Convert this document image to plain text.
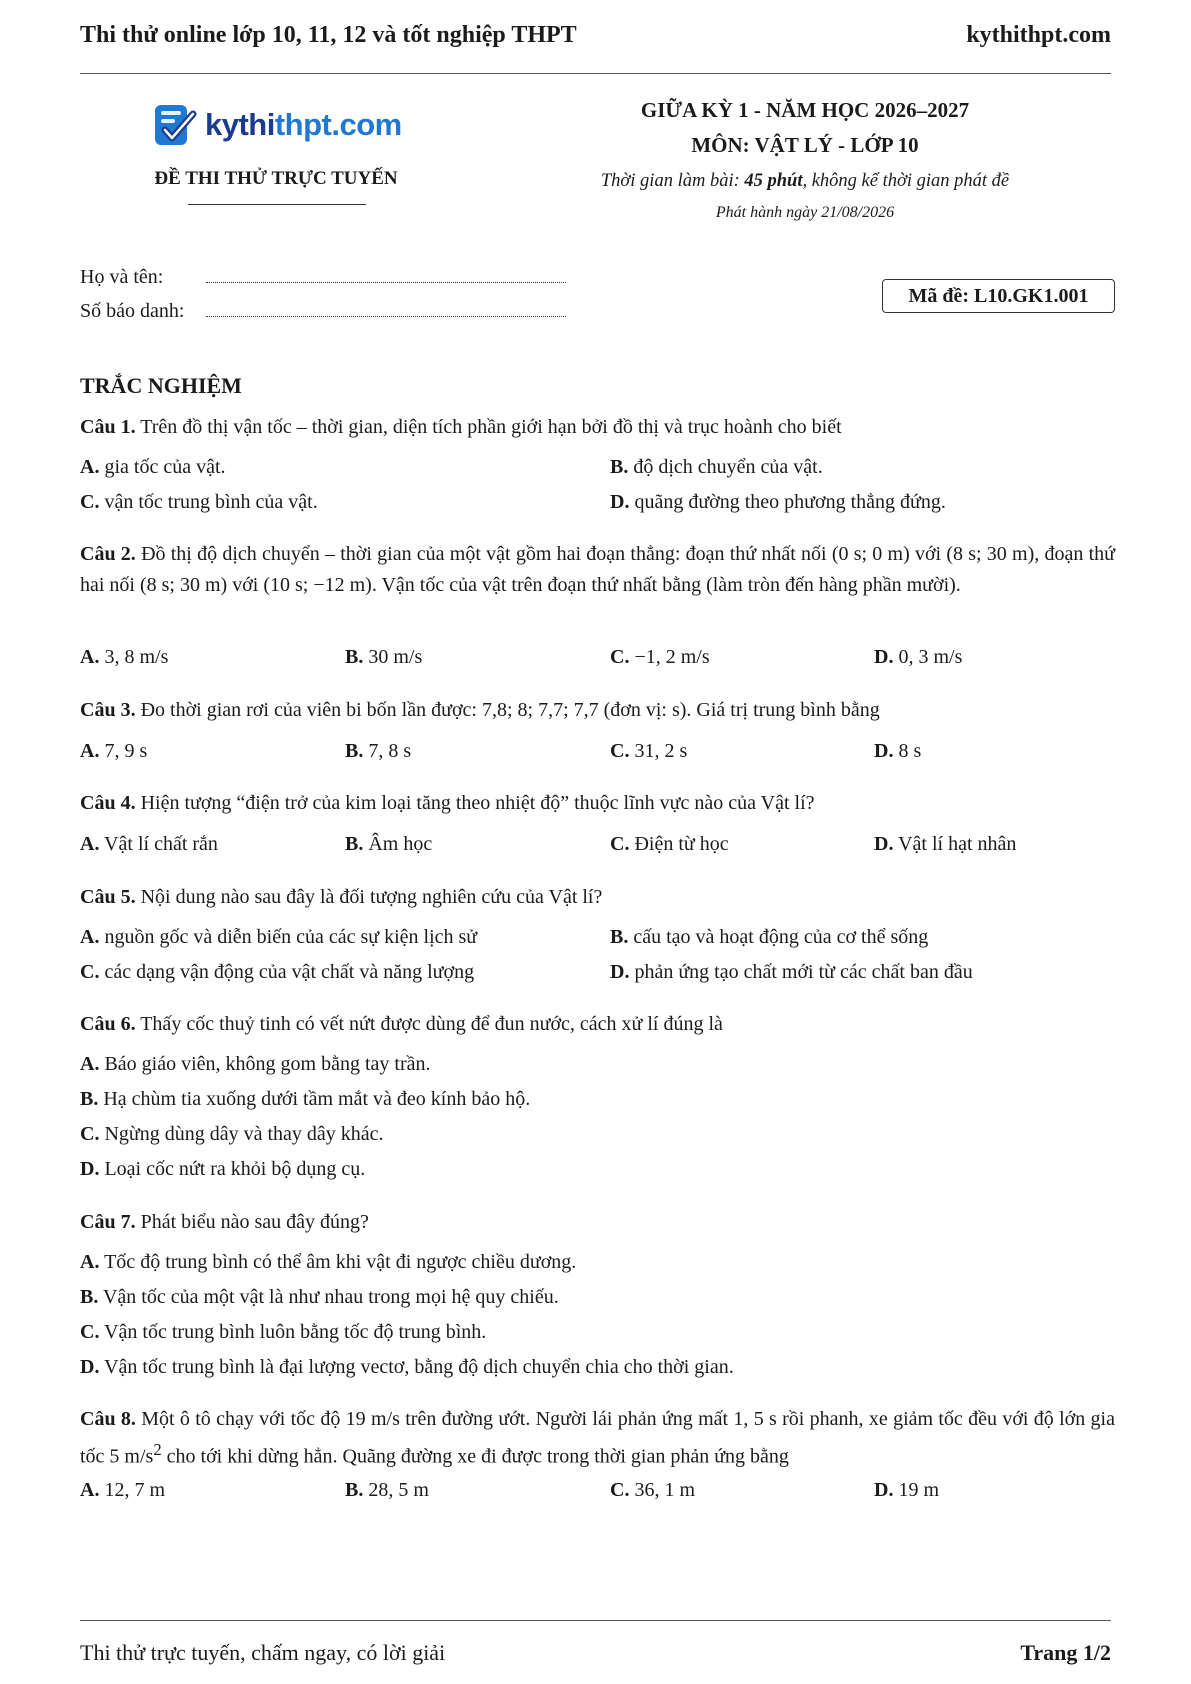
Thi thử online lớp 10, 11, 12 và tốt nghiệp THPT	kythithpt.com
kythithpt.com
ĐỀ THI THỬ TRỰC TUYẾN
GIỮA KỲ 1 - NĂM HỌC 2026–2027
MÔN: VẬT LÝ - LỚP 10
Thời gian làm bài: 45 phút, không kể thời gian phát đề
Phát hành ngày 21/08/2026
Họ và tên:
Số báo danh:
Mã đề: L10.GK1.001
TRẮC NGHIỆM
Câu 1. Trên đồ thị vận tốc – thời gian, diện tích phần giới hạn bởi đồ thị và trục hoành cho biết
A. gia tốc của vật.	B. độ dịch chuyển của vật.
C. vận tốc trung bình của vật.	D. quãng đường theo phương thẳng đứng.
Câu 2. Đồ thị độ dịch chuyển – thời gian của một vật gồm hai đoạn thẳng: đoạn thứ nhất nối (0 s; 0 m) với (8 s; 30 m), đoạn thứ hai nối (8 s; 30 m) với (10 s; −12 m). Vận tốc của vật trên đoạn thứ nhất bằng (làm tròn đến hàng phần mười).
A. 3, 8 m/s	B. 30 m/s	C. −1, 2 m/s	D. 0, 3 m/s
Câu 3. Đo thời gian rơi của viên bi bốn lần được: 7,8; 8; 7,7; 7,7 (đơn vị: s). Giá trị trung bình bằng
A. 7, 9 s	B. 7, 8 s	C. 31, 2 s	D. 8 s
Câu 4. Hiện tượng “điện trở của kim loại tăng theo nhiệt độ” thuộc lĩnh vực nào của Vật lí?
A. Vật lí chất rắn	B. Âm học	C. Điện từ học	D. Vật lí hạt nhân
Câu 5. Nội dung nào sau đây là đối tượng nghiên cứu của Vật lí?
A. nguồn gốc và diễn biến của các sự kiện lịch sử	B. cấu tạo và hoạt động của cơ thể sống
C. các dạng vận động của vật chất và năng lượng	D. phản ứng tạo chất mới từ các chất ban đầu
Câu 6. Thấy cốc thuỷ tinh có vết nứt được dùng để đun nước, cách xử lí đúng là
A. Báo giáo viên, không gom bằng tay trần.
B. Hạ chùm tia xuống dưới tầm mắt và đeo kính bảo hộ.
C. Ngừng dùng dây và thay dây khác.
D. Loại cốc nứt ra khỏi bộ dụng cụ.
Câu 7. Phát biểu nào sau đây đúng?
A. Tốc độ trung bình có thể âm khi vật đi ngược chiều dương.
B. Vận tốc của một vật là như nhau trong mọi hệ quy chiếu.
C. Vận tốc trung bình luôn bằng tốc độ trung bình.
D. Vận tốc trung bình là đại lượng vectơ, bằng độ dịch chuyển chia cho thời gian.
Câu 8. Một ô tô chạy với tốc độ 19 m/s trên đường ướt. Người lái phản ứng mất 1, 5 s rồi phanh, xe giảm tốc đều với độ lớn gia tốc 5 $m/s^2$ cho tới khi dừng hẳn. Quãng đường xe đi được trong thời gian phản ứng bằng
A. 12, 7 m	B. 28, 5 m	C. 36, 1 m	D. 19 m
Thi thử trực tuyến, chấm ngay, có lời giải	Trang 1/2
